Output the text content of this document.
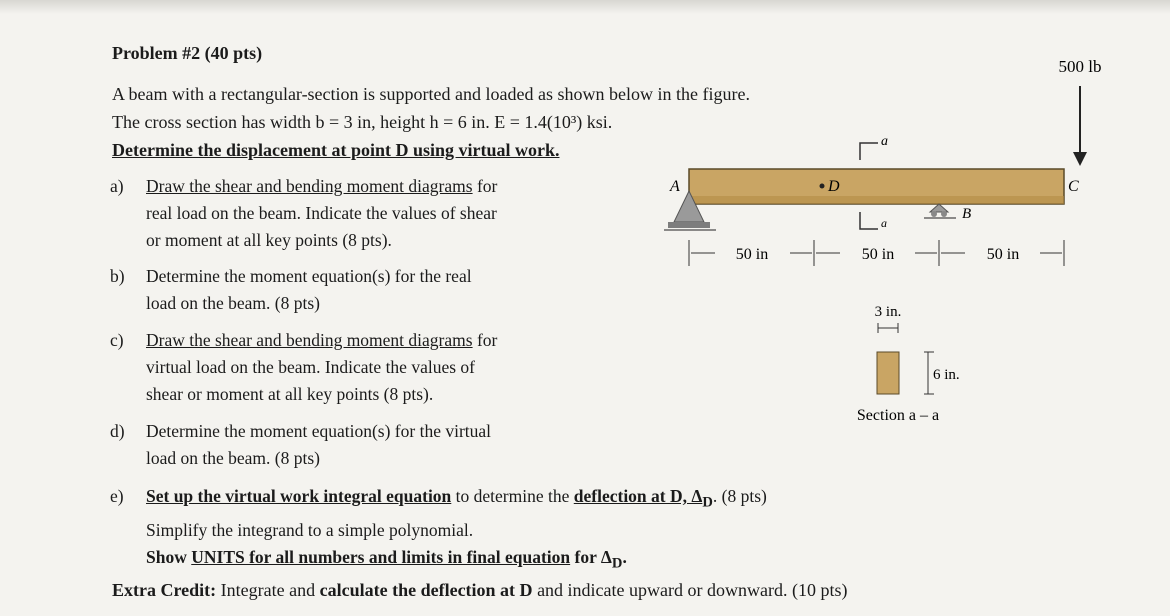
Problem #2 (40 pts)
A beam with a rectangular-section is supported and loaded as shown below in the figure.
The cross section has width b = 3 in, height h = 6 in. E = 1.4(10³) ksi.
Determine the displacement at point D using virtual work.
a) Draw the shear and bending moment diagrams for
real load on the beam. Indicate the values of shear
or moment at all key points (8 pts).
b) Determine the moment equation(s) for the real
load on the beam. (8 pts)
c) Draw the shear and bending moment diagrams for
virtual load on the beam. Indicate the values of
shear or moment at all key points (8 pts).
d) Determine the moment equation(s) for the virtual
load on the beam. (8 pts)
e) Set up the virtual work integral equation to determine the deflection at D, $\Delta_D$. (8 pts)
Simplify the integrand to a simple polynomial.
Show UNITS for all numbers and limits in final equation for $\Delta_D$.
Extra Credit: Integrate and calculate the deflection at D and indicate upward or downward. (10 pts)
500 lb
A	C
D
B
a
a
50 in	50 in	50 in
3 in.
6 in.
Section a – a
